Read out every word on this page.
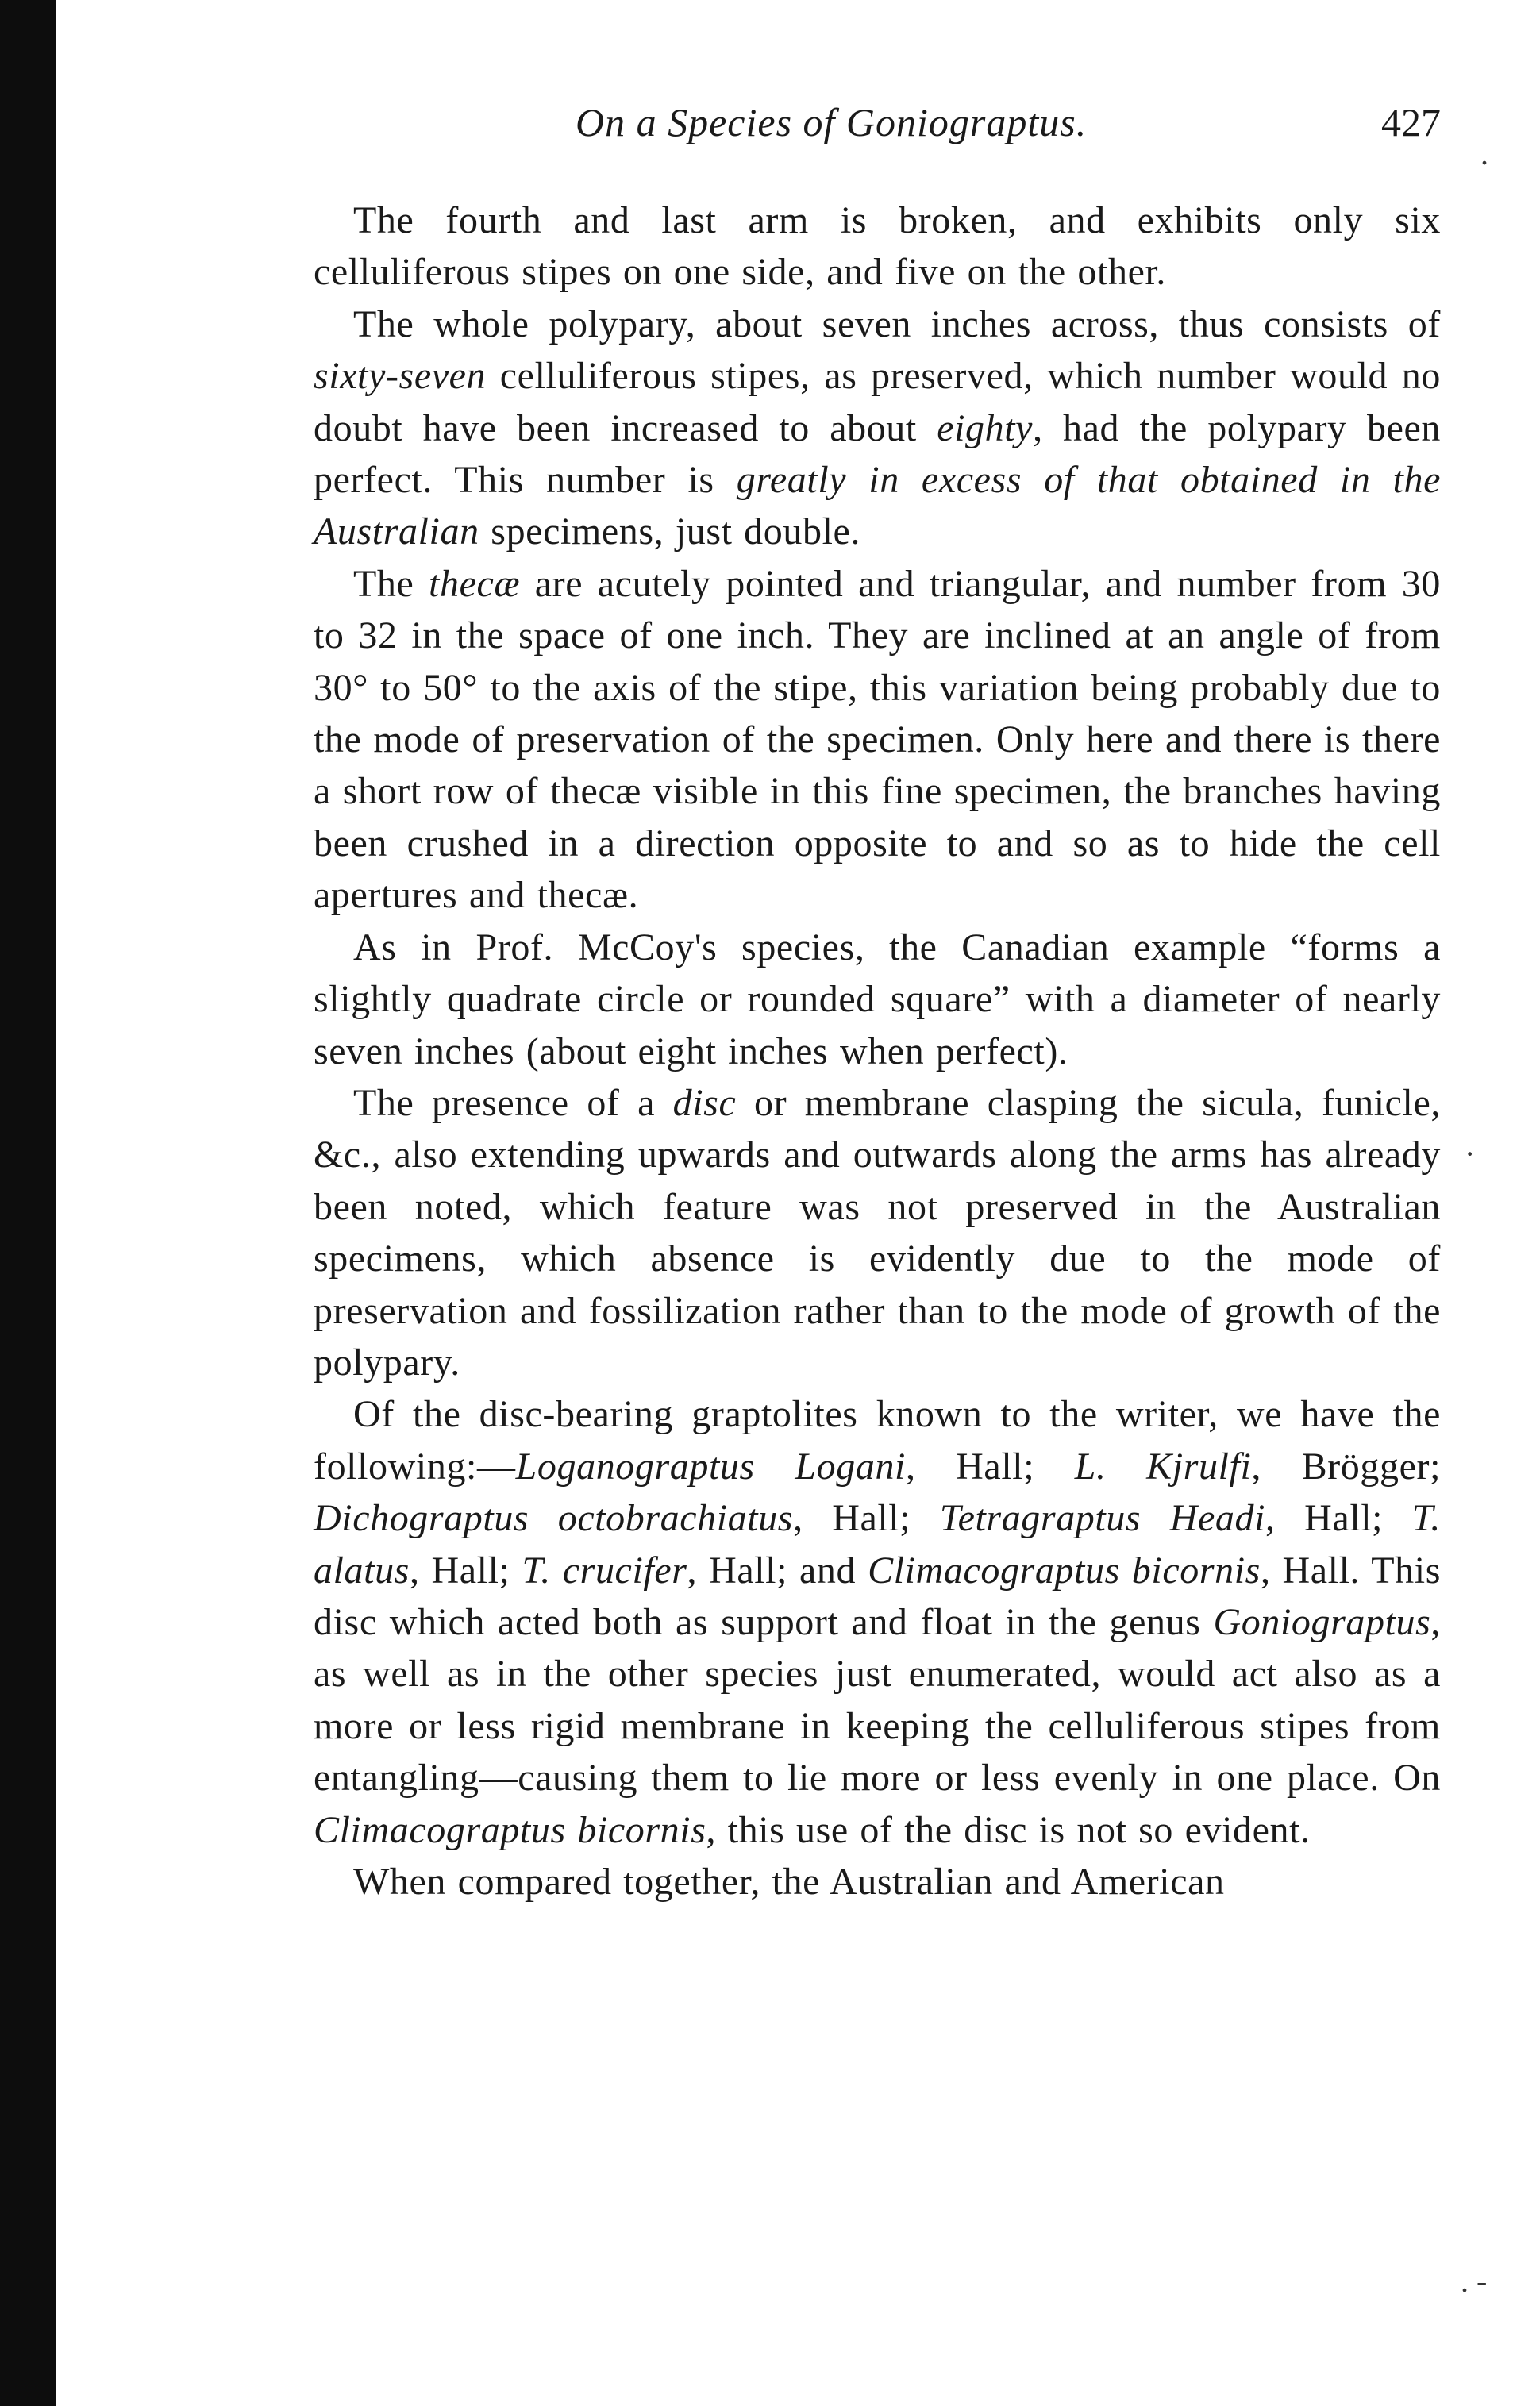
On a Species of Goniograptus.	427

The fourth and last arm is broken, and exhibits only six celluliferous stipes on one side, and five on the other.

The whole polypary, about seven inches across, thus consists of sixty-seven celluliferous stipes, as preserved, which number would no doubt have been increased to about eighty, had the polypary been perfect. This number is greatly in excess of that obtained in the Australian specimens, just double.

The thecæ are acutely pointed and triangular, and number from 30 to 32 in the space of one inch. They are inclined at an angle of from 30° to 50° to the axis of the stipe, this variation being probably due to the mode of preservation of the specimen. Only here and there is there a short row of thecæ visible in this fine specimen, the branches having been crushed in a direction opposite to and so as to hide the cell apertures and thecæ.

As in Prof. McCoy's species, the Canadian example “forms a slightly quadrate circle or rounded square” with a diameter of nearly seven inches (about eight inches when perfect).

The presence of a disc or membrane clasping the sicula, funicle, &c., also extending upwards and outwards along the arms has already been noted, which feature was not preserved in the Australian specimens, which absence is evidently due to the mode of preservation and fossilization rather than to the mode of growth of the polypary.

Of the disc-bearing graptolites known to the writer, we have the following:—Loganograptus Logani, Hall; L. Kjrulfi, Brögger; Dichograptus octobrachiatus, Hall; Tetragraptus Headi, Hall; T. alatus, Hall; T. crucifer, Hall; and Climacograptus bicornis, Hall. This disc which acted both as support and float in the genus Goniograptus, as well as in the other species just enumerated, would act also as a more or less rigid membrane in keeping the celluliferous stipes from entangling—causing them to lie more or less evenly in one place. On Climacograptus bicornis, this use of the disc is not so evident.

When compared together, the Australian and American

.
·
. -
